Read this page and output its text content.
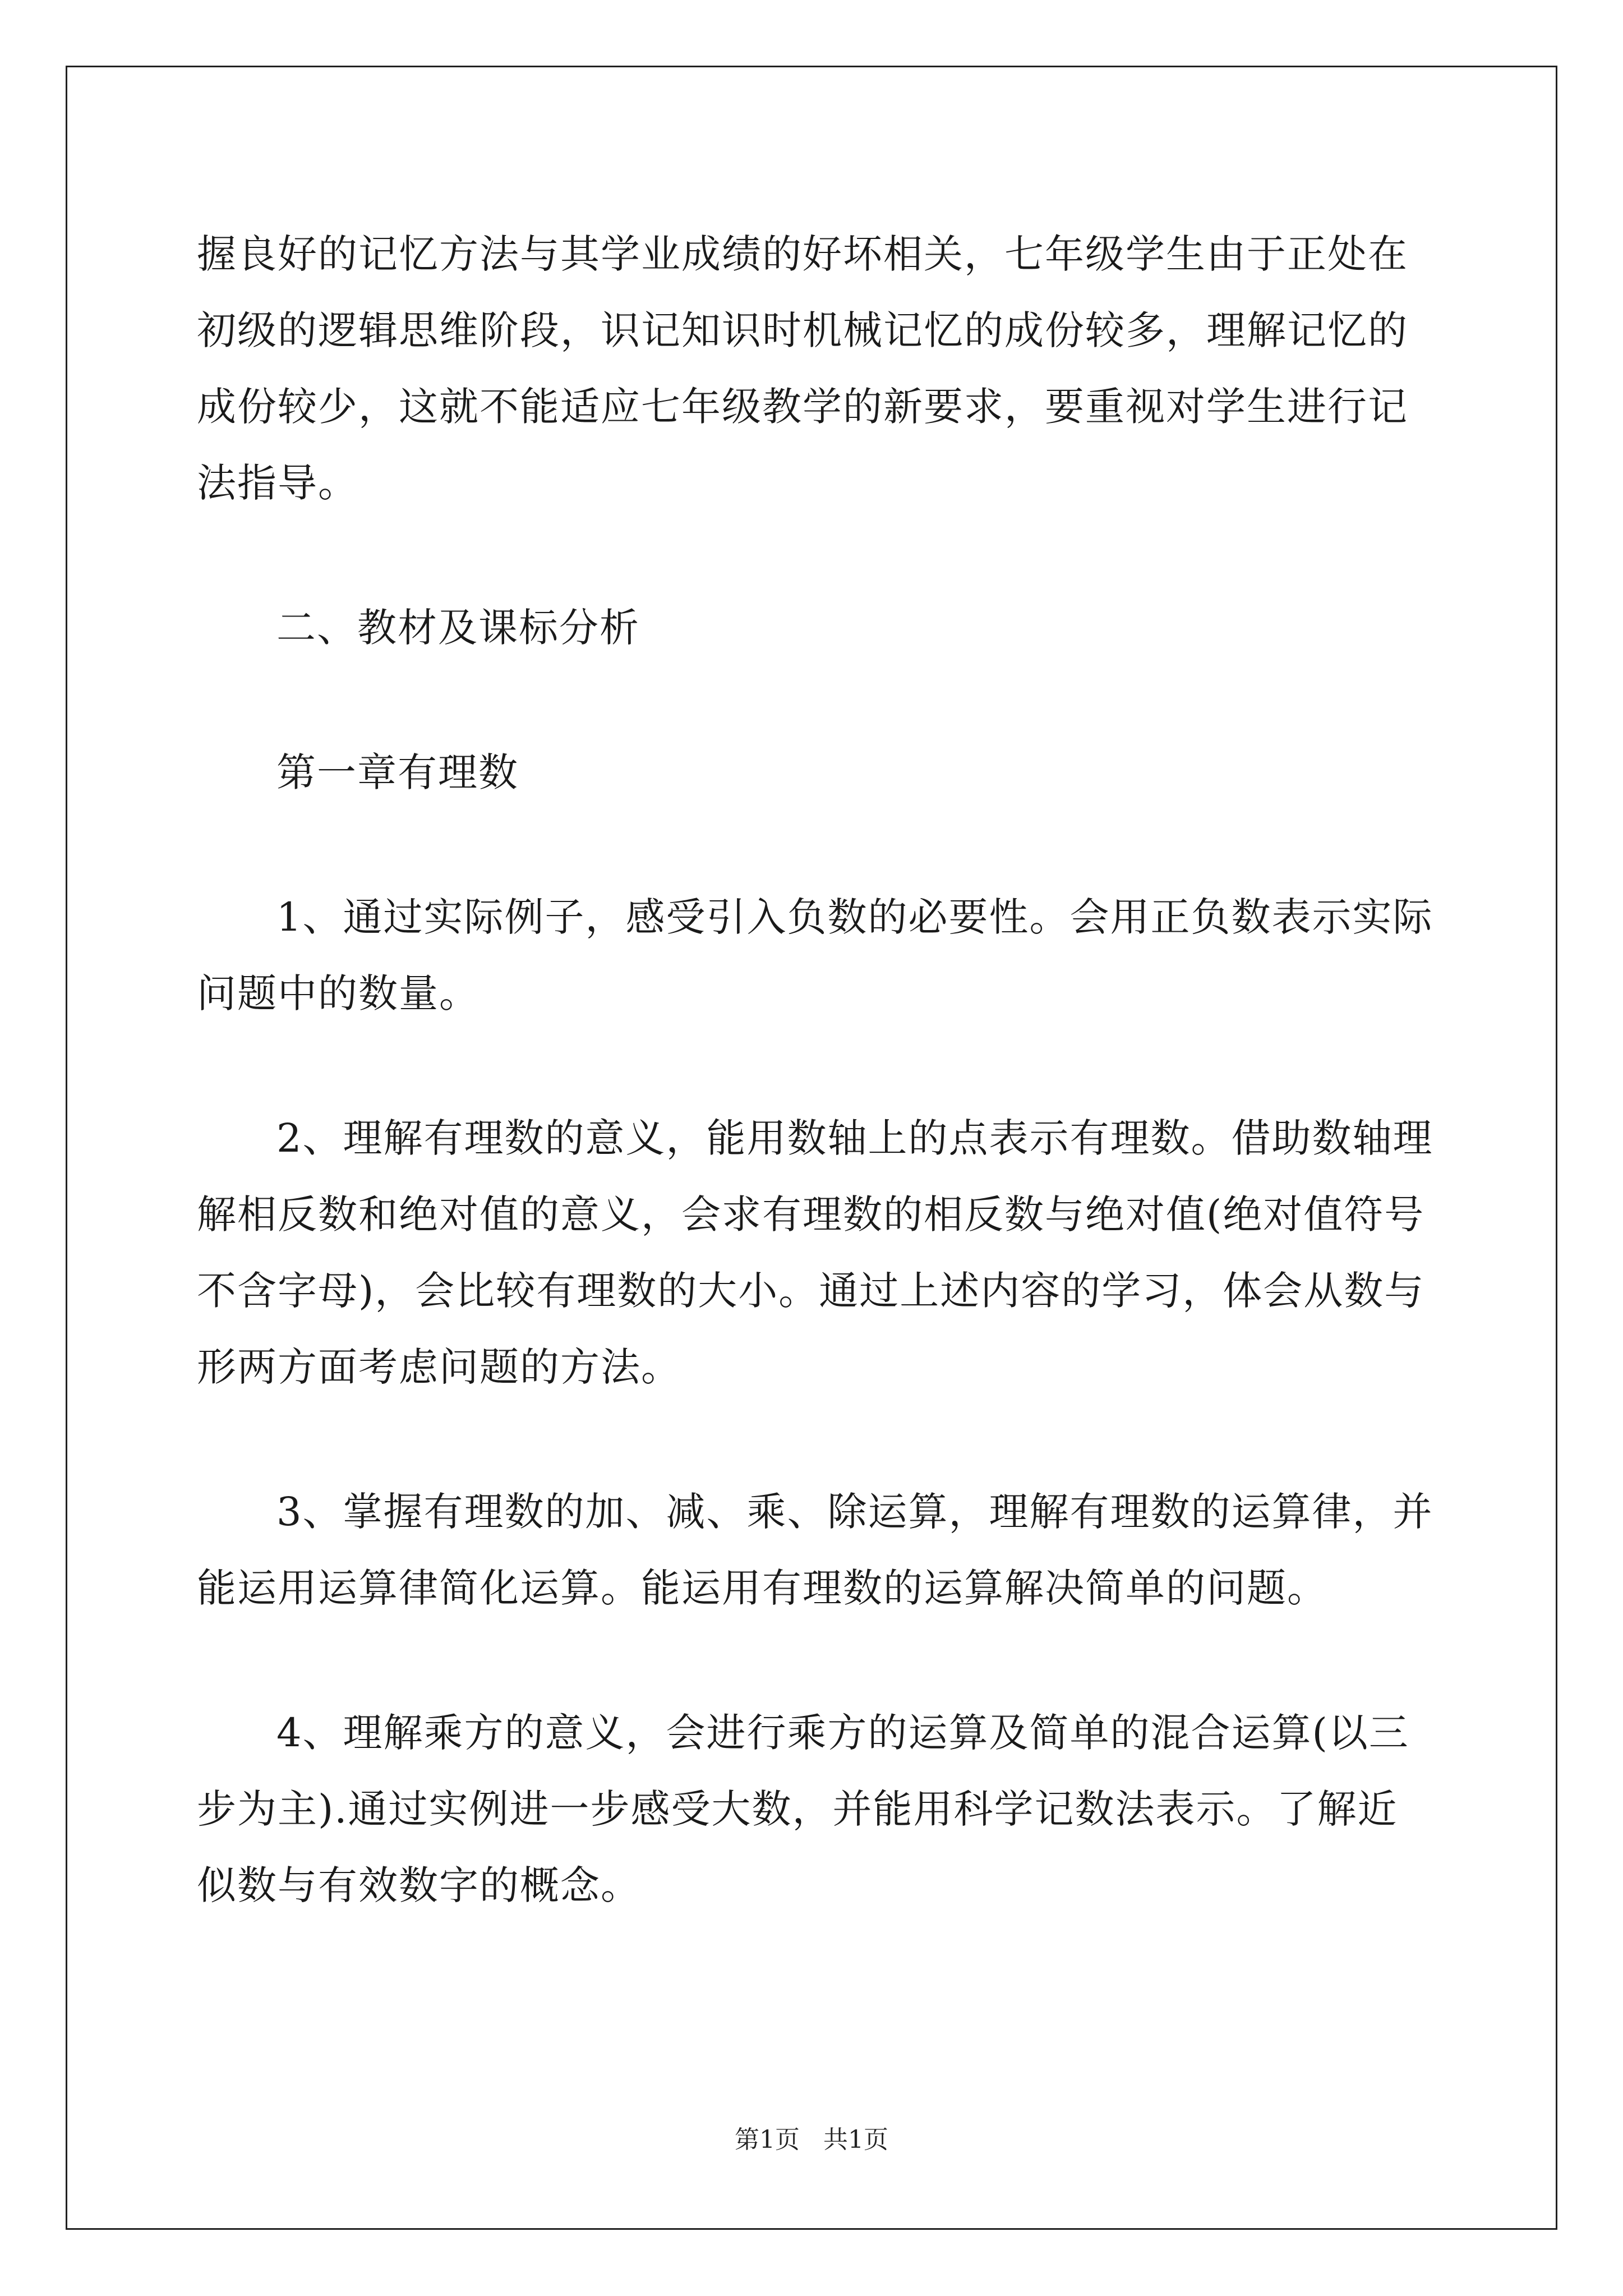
握良好的记忆方法与其学业成绩的好坏相关，七年级学生由于正处在
初级的逻辑思维阶段，识记知识时机械记忆的成份较多，理解记忆的
成份较少，这就不能适应七年级教学的新要求，要重视对学生进行记
法指导。
二、教材及课标分析
第一章有理数
1、通过实际例子，感受引入负数的必要性。会用正负数表示实际
问题中的数量。
2、理解有理数的意义，能用数轴上的点表示有理数。借助数轴理
解相反数和绝对值的意义，会求有理数的相反数与绝对值(绝对值符号
不含字母)，会比较有理数的大小。通过上述内容的学习，体会从数与
形两方面考虑问题的方法。
3、掌握有理数的加、减、乘、除运算，理解有理数的运算律，并
能运用运算律简化运算。能运用有理数的运算解决简单的问题。
4、理解乘方的意义，会进行乘方的运算及简单的混合运算(以三
步为主).通过实例进一步感受大数，并能用科学记数法表示。了解近
似数与有效数字的概念。
第1页 共1页
